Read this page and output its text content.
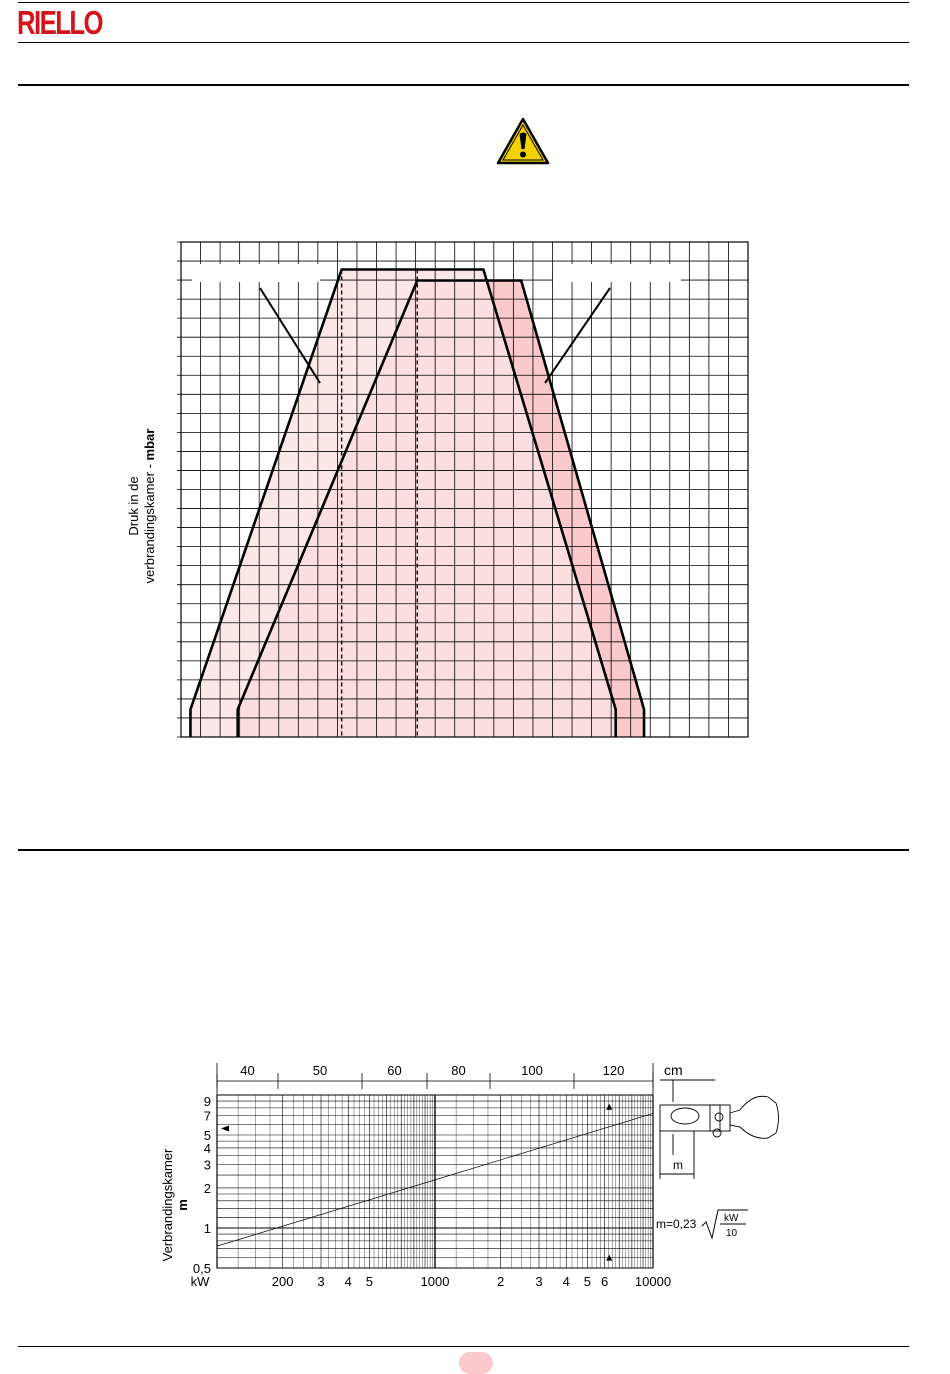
RIELLO
Druk in de verbrandingskamer - mbar
Verbrandingskamer m
40	50	60	80	100	120	cm
9
7
5
4
3
2
1
0,5
kW	200 3 4 5	1000	2 3 4 5 6 10000
m
m=0,23	kW
10
